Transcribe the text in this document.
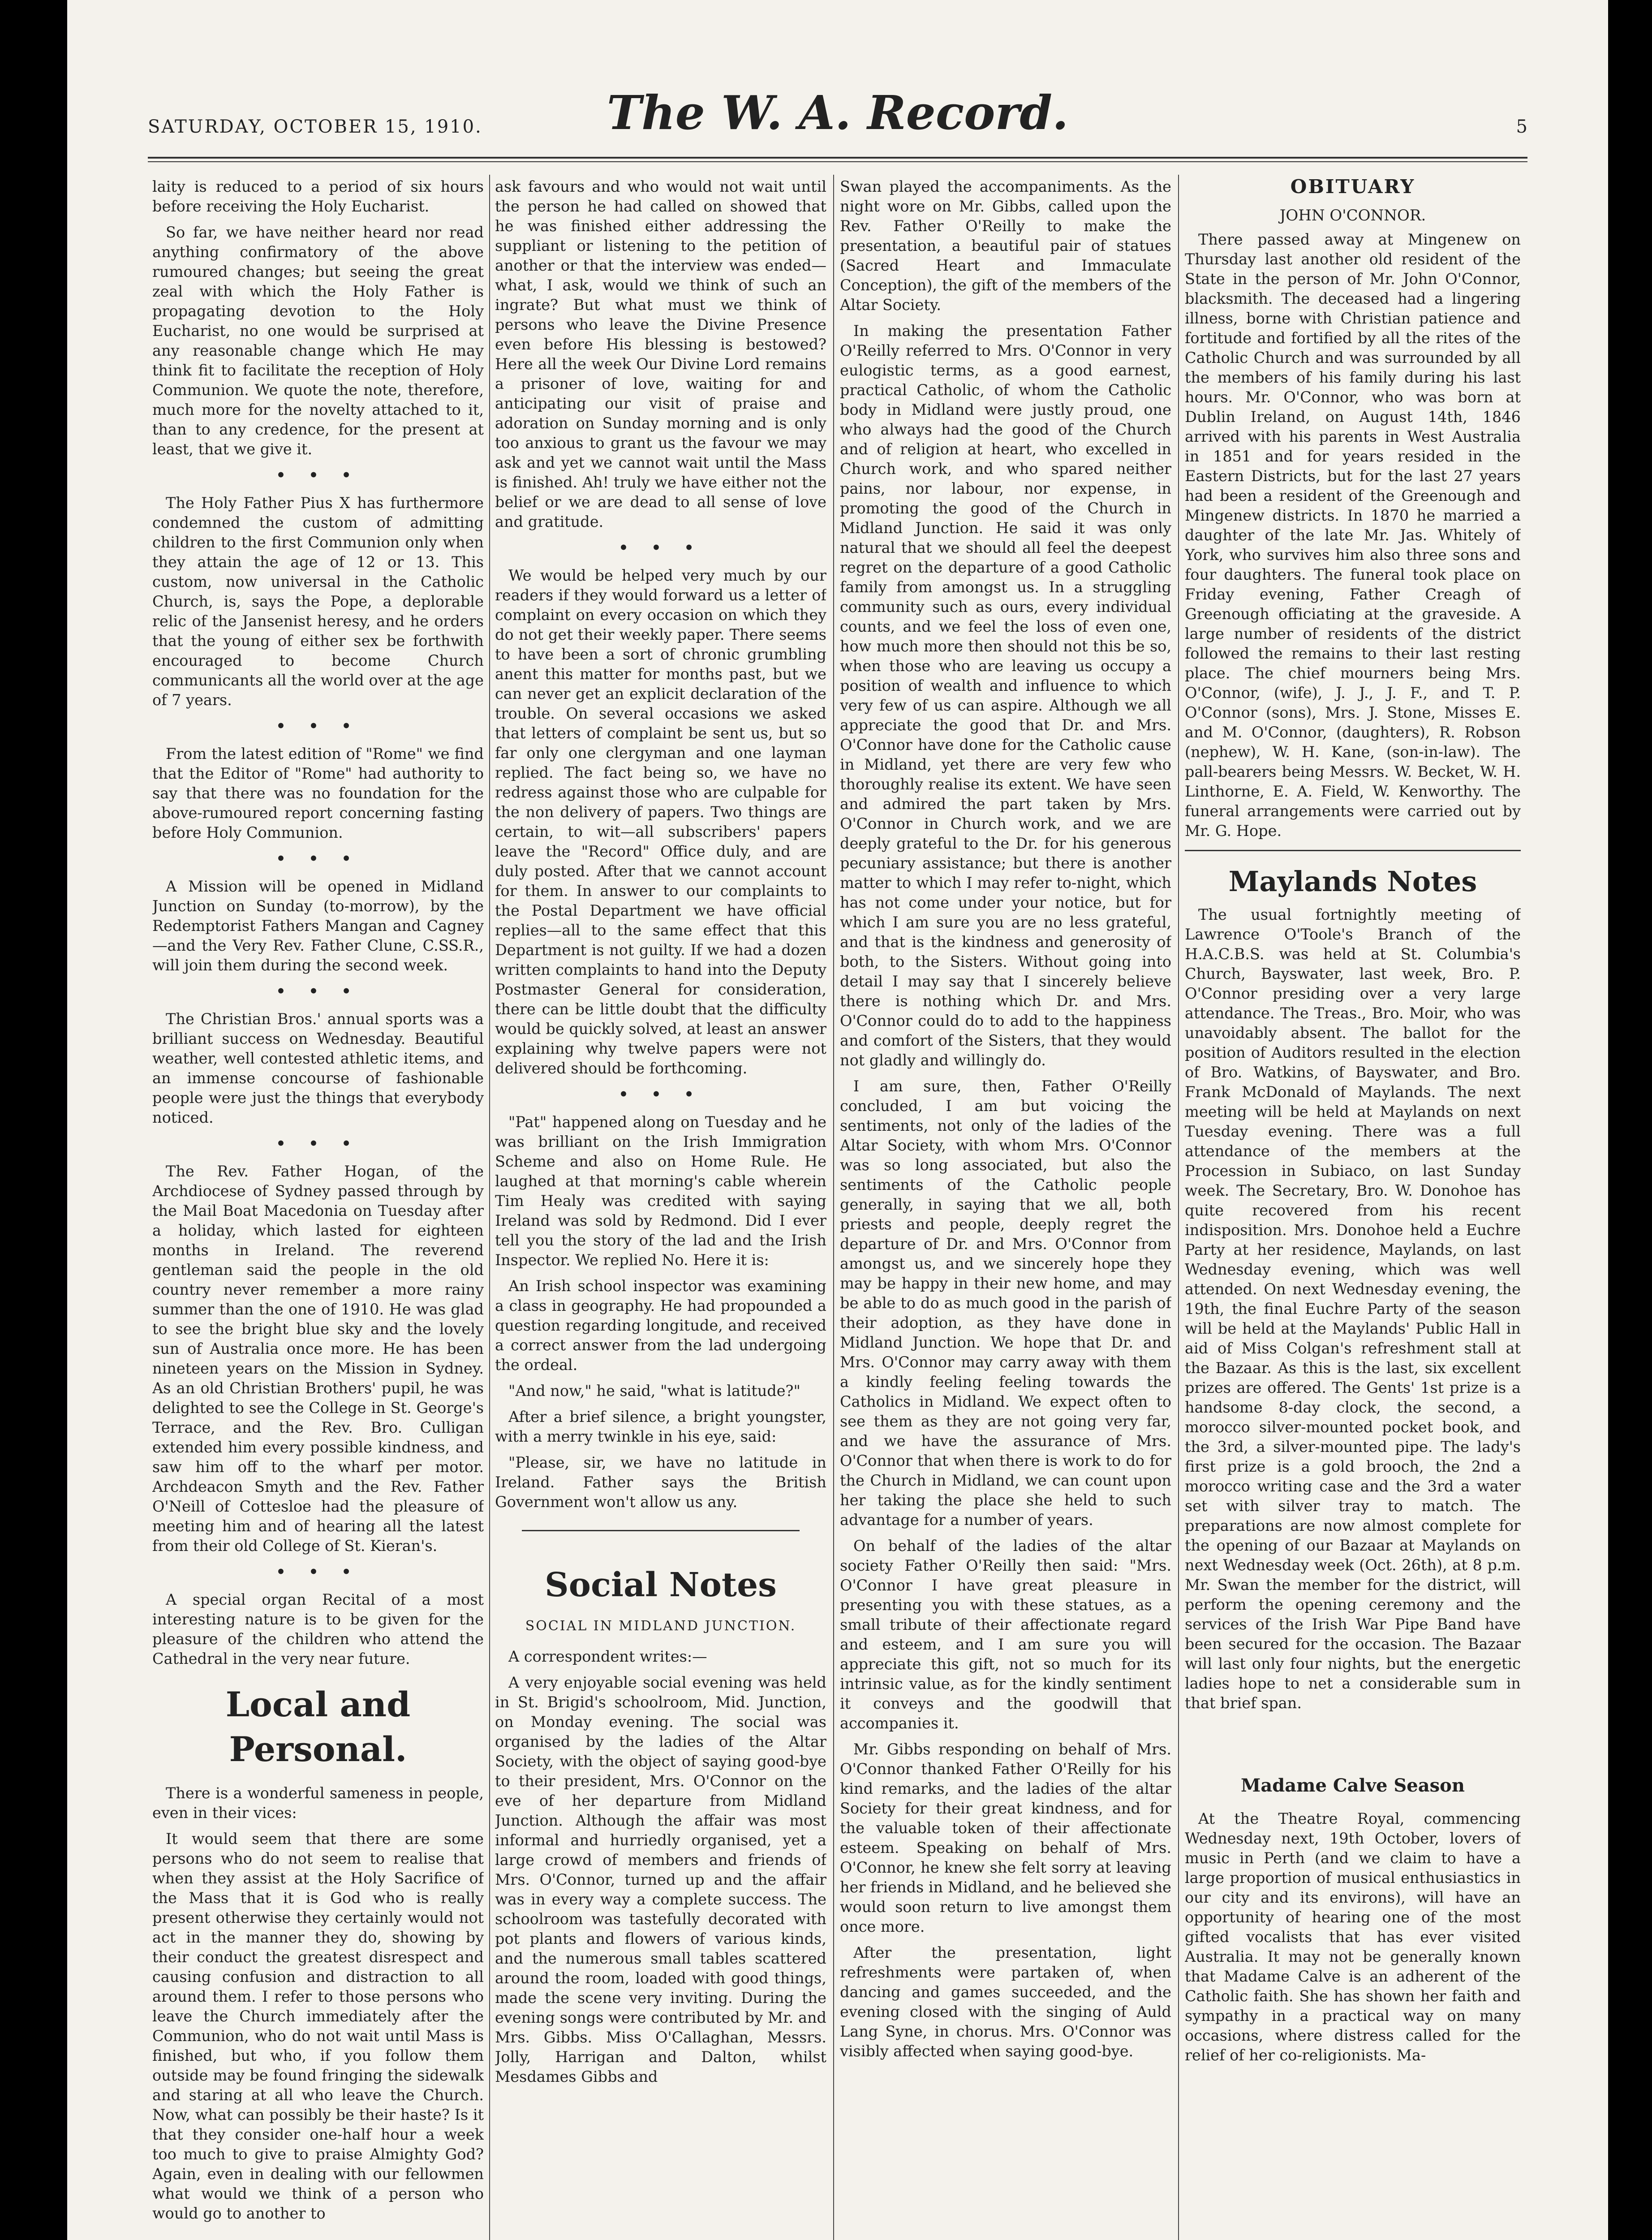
SATURDAY, OCTOBER 15, 1910.	The W. A. Record.	5

laity is reduced to a period of six hours before receiving the Holy Eucharist.

So far, we have neither heard nor read anything confirmatory of the above rumoured changes; but seeing the great zeal with which the Holy Father is propagating devotion to the Holy Eucharist, no one would be surprised at any reasonable change which He may think fit to facilitate the reception of Holy Communion. We quote the note, therefore, much more for the novelty attached to it, than to any credence, for the present at least, that we give it.

• • •

The Holy Father Pius X has furthermore condemned the custom of admitting children to the first Communion only when they attain the age of 12 or 13. This custom, now universal in the Catholic Church, is, says the Pope, a deplorable relic of the Jansenist heresy, and he orders that the young of either sex be forthwith encouraged to become Church communicants all the world over at the age of 7 years.

• • •

From the latest edition of "Rome" we find that the Editor of "Rome" had authority to say that there was no foundation for the above-rumoured report concerning fasting before Holy Communion.

• • •

A Mission will be opened in Midland Junction on Sunday (to-morrow), by the Redemptorist Fathers Mangan and Cagney—and the Very Rev. Father Clune, C.SS.R., will join them during the second week.

• • •

The Christian Bros.' annual sports was a brilliant success on Wednesday. Beautiful weather, well contested athletic items, and an immense concourse of fashionable people were just the things that everybody noticed.

• • •

The Rev. Father Hogan, of the Archdiocese of Sydney passed through by the Mail Boat Macedonia on Tuesday after a holiday, which lasted for eighteen months in Ireland. The reverend gentleman said the people in the old country never remember a more rainy summer than the one of 1910. He was glad to see the bright blue sky and the lovely sun of Australia once more. He has been nineteen years on the Mission in Sydney. As an old Christian Brothers' pupil, he was delighted to see the College in St. George's Terrace, and the Rev. Bro. Culligan extended him every possible kindness, and saw him off to the wharf per motor. Archdeacon Smyth and the Rev. Father O'Neill of Cottesloe had the pleasure of meeting him and of hearing all the latest from their old College of St. Kieran's.

• • •

A special organ Recital of a most interesting nature is to be given for the pleasure of the children who attend the Cathedral in the very near future.

Local and Personal.

There is a wonderful sameness in people, even in their vices:

It would seem that there are some persons who do not seem to realise that when they assist at the Holy Sacrifice of the Mass that it is God who is really present otherwise they certainly would not act in the manner they do, showing by their conduct the greatest disrespect and causing confusion and distraction to all around them. I refer to those persons who leave the Church immediately after the Communion, who do not wait until Mass is finished, but who, if you follow them outside may be found fringing the sidewalk and staring at all who leave the Church. Now, what can possibly be their haste? Is it that they consider one-half hour a week too much to give to praise Almighty God? Again, even in dealing with our fellowmen what would we think of a person who would go to another to

ask favours and who would not wait until the person he had called on showed that he was finished either addressing the suppliant or listening to the petition of another or that the interview was ended—what, I ask, would we think of such an ingrate? But what must we think of persons who leave the Divine Presence even before His blessing is bestowed? Here all the week Our Divine Lord remains a prisoner of love, waiting for and anticipating our visit of praise and adoration on Sunday morning and is only too anxious to grant us the favour we may ask and yet we cannot wait until the Mass is finished. Ah! truly we have either not the belief or we are dead to all sense of love and gratitude.

• • •

We would be helped very much by our readers if they would forward us a letter of complaint on every occasion on which they do not get their weekly paper. There seems to have been a sort of chronic grumbling anent this matter for months past, but we can never get an explicit declaration of the trouble. On several occasions we asked that letters of complaint be sent us, but so far only one clergyman and one layman replied. The fact being so, we have no redress against those who are culpable for the non delivery of papers. Two things are certain, to wit—all subscribers' papers leave the "Record" Office duly, and are duly posted. After that we cannot account for them. In answer to our complaints to the Postal Department we have official replies—all to the same effect that this Department is not guilty. If we had a dozen written complaints to hand into the Deputy Postmaster General for consideration, there can be little doubt that the difficulty would be quickly solved, at least an answer explaining why twelve papers were not delivered should be forthcoming.

• • •

"Pat" happened along on Tuesday and he was brilliant on the Irish Immigration Scheme and also on Home Rule. He laughed at that morning's cable wherein Tim Healy was credited with saying Ireland was sold by Redmond. Did I ever tell you the story of the lad and the Irish Inspector. We replied No. Here it is:

An Irish school inspector was examining a class in geography. He had propounded a question regarding longitude, and received a correct answer from the lad undergoing the ordeal.

"And now," he said, "what is latitude?"

After a brief silence, a bright youngster, with a merry twinkle in his eye, said:

"Please, sir, we have no latitude in Ireland. Father says the British Government won't allow us any.

Social Notes
SOCIAL IN MIDLAND JUNCTION.

A correspondent writes:—

A very enjoyable social evening was held in St. Brigid's schoolroom, Mid. Junction, on Monday evening. The social was organised by the ladies of the Altar Society, with the object of saying good-bye to their president, Mrs. O'Connor on the eve of her departure from Midland Junction. Although the affair was most informal and hurriedly organised, yet a large crowd of members and friends of Mrs. O'Connor, turned up and the affair was in every way a complete success. The schoolroom was tastefully decorated with pot plants and flowers of various kinds, and the numerous small tables scattered around the room, loaded with good things, made the scene very inviting. During the evening songs were contributed by Mr. and Mrs. Gibbs. Miss O'Callaghan, Messrs. Jolly, Harrigan and Dalton, whilst Mesdames Gibbs and

Swan played the accompaniments. As the night wore on Mr. Gibbs, called upon the Rev. Father O'Reilly to make the presentation, a beautiful pair of statues (Sacred Heart and Immaculate Conception), the gift of the members of the Altar Society.

In making the presentation Father O'Reilly referred to Mrs. O'Connor in very eulogistic terms, as a good earnest, practical Catholic, of whom the Catholic body in Midland were justly proud, one who always had the good of the Church and of religion at heart, who excelled in Church work, and who spared neither pains, nor labour, nor expense, in promoting the good of the Church in Midland Junction. He said it was only natural that we should all feel the deepest regret on the departure of a good Catholic family from amongst us. In a struggling community such as ours, every individual counts, and we feel the loss of even one, how much more then should not this be so, when those who are leaving us occupy a position of wealth and influence to which very few of us can aspire. Although we all appreciate the good that Dr. and Mrs. O'Connor have done for the Catholic cause in Midland, yet there are very few who thoroughly realise its extent. We have seen and admired the part taken by Mrs. O'Connor in Church work, and we are deeply grateful to the Dr. for his generous pecuniary assistance; but there is another matter to which I may refer to-night, which has not come under your notice, but for which I am sure you are no less grateful, and that is the kindness and generosity of both, to the Sisters. Without going into detail I may say that I sincerely believe there is nothing which Dr. and Mrs. O'Connor could do to add to the happiness and comfort of the Sisters, that they would not gladly and willingly do.

I am sure, then, Father O'Reilly concluded, I am but voicing the sentiments, not only of the ladies of the Altar Society, with whom Mrs. O'Connor was so long associated, but also the sentiments of the Catholic people generally, in saying that we all, both priests and people, deeply regret the departure of Dr. and Mrs. O'Connor from amongst us, and we sincerely hope they may be happy in their new home, and may be able to do as much good in the parish of their adoption, as they have done in Midland Junction. We hope that Dr. and Mrs. O'Connor may carry away with them a kindly feeling feeling towards the Catholics in Midland. We expect often to see them as they are not going very far, and we have the assurance of Mrs. O'Connor that when there is work to do for the Church in Midland, we can count upon her taking the place she held to such advantage for a number of years.

On behalf of the ladies of the altar society Father O'Reilly then said: "Mrs. O'Connor I have great pleasure in presenting you with these statues, as a small tribute of their affectionate regard and esteem, and I am sure you will appreciate this gift, not so much for its intrinsic value, as for the kindly sentiment it conveys and the goodwill that accompanies it.

Mr. Gibbs responding on behalf of Mrs. O'Connor thanked Father O'Reilly for his kind remarks, and the ladies of the altar Society for their great kindness, and for the valuable token of their affectionate esteem. Speaking on behalf of Mrs. O'Connor, he knew she felt sorry at leaving her friends in Midland, and he believed she would soon return to live amongst them once more.

After the presentation, light refreshments were partaken of, when dancing and games succeeded, and the evening closed with the singing of Auld Lang Syne, in chorus. Mrs. O'Connor was visibly affected when saying good-bye.

OBITUARY
JOHN O'CONNOR.

There passed away at Mingenew on Thursday last another old resident of the State in the person of Mr. John O'Connor, blacksmith. The deceased had a lingering illness, borne with Christian patience and fortitude and fortified by all the rites of the Catholic Church and was surrounded by all the members of his family during his last hours. Mr. O'Connor, who was born at Dublin Ireland, on August 14th, 1846 arrived with his parents in West Australia in 1851 and for years resided in the Eastern Districts, but for the last 27 years had been a resident of the Greenough and Mingenew districts. In 1870 he married a daughter of the late Mr. Jas. Whitely of York, who survives him also three sons and four daughters. The funeral took place on Friday evening, Father Creagh of Greenough officiating at the graveside. A large number of residents of the district followed the remains to their last resting place. The chief mourners being Mrs. O'Connor, (wife), J. J., J. F., and T. P. O'Connor (sons), Mrs. J. Stone, Misses E. and M. O'Connor, (daughters), R. Robson (nephew), W. H. Kane, (son-in-law). The pall-bearers being Messrs. W. Becket, W. H. Linthorne, E. A. Field, W. Kenworthy. The funeral arrangements were carried out by Mr. G. Hope.

Maylands Notes

The usual fortnightly meeting of Lawrence O'Toole's Branch of the H.A.C.B.S. was held at St. Columbia's Church, Bayswater, last week, Bro. P. O'Connor presiding over a very large attendance. The Treas., Bro. Moir, who was unavoidably absent. The ballot for the position of Auditors resulted in the election of Bro. Watkins, of Bayswater, and Bro. Frank McDonald of Maylands. The next meeting will be held at Maylands on next Tuesday evening. There was a full attendance of the members at the Procession in Subiaco, on last Sunday week. The Secretary, Bro. W. Donohoe has quite recovered from his recent indisposition. Mrs. Donohoe held a Euchre Party at her residence, Maylands, on last Wednesday evening, which was well attended. On next Wednesday evening, the 19th, the final Euchre Party of the season will be held at the Maylands' Public Hall in aid of Miss Colgan's refreshment stall at the Bazaar. As this is the last, six excellent prizes are offered. The Gents' 1st prize is a handsome 8-day clock, the second, a morocco silver-mounted pocket book, and the 3rd, a silver-mounted pipe. The lady's first prize is a gold brooch, the 2nd a morocco writing case and the 3rd a water set with silver tray to match. The preparations are now almost complete for the opening of our Bazaar at Maylands on next Wednesday week (Oct. 26th), at 8 p.m. Mr. Swan the member for the district, will perform the opening ceremony and the services of the Irish War Pipe Band have been secured for the occasion. The Bazaar will last only four nights, but the energetic ladies hope to net a considerable sum in that brief span.

Madame Calve Season

At the Theatre Royal, commencing Wednesday next, 19th October, lovers of music in Perth (and we claim to have a large proportion of musical enthusiastics in our city and its environs), will have an opportunity of hearing one of the most gifted vocalists that has ever visited Australia. It may not be generally known that Madame Calve is an adherent of the Catholic faith. She has shown her faith and sympathy in a practical way on many occasions, where distress called for the relief of her co-religionists. Ma-
